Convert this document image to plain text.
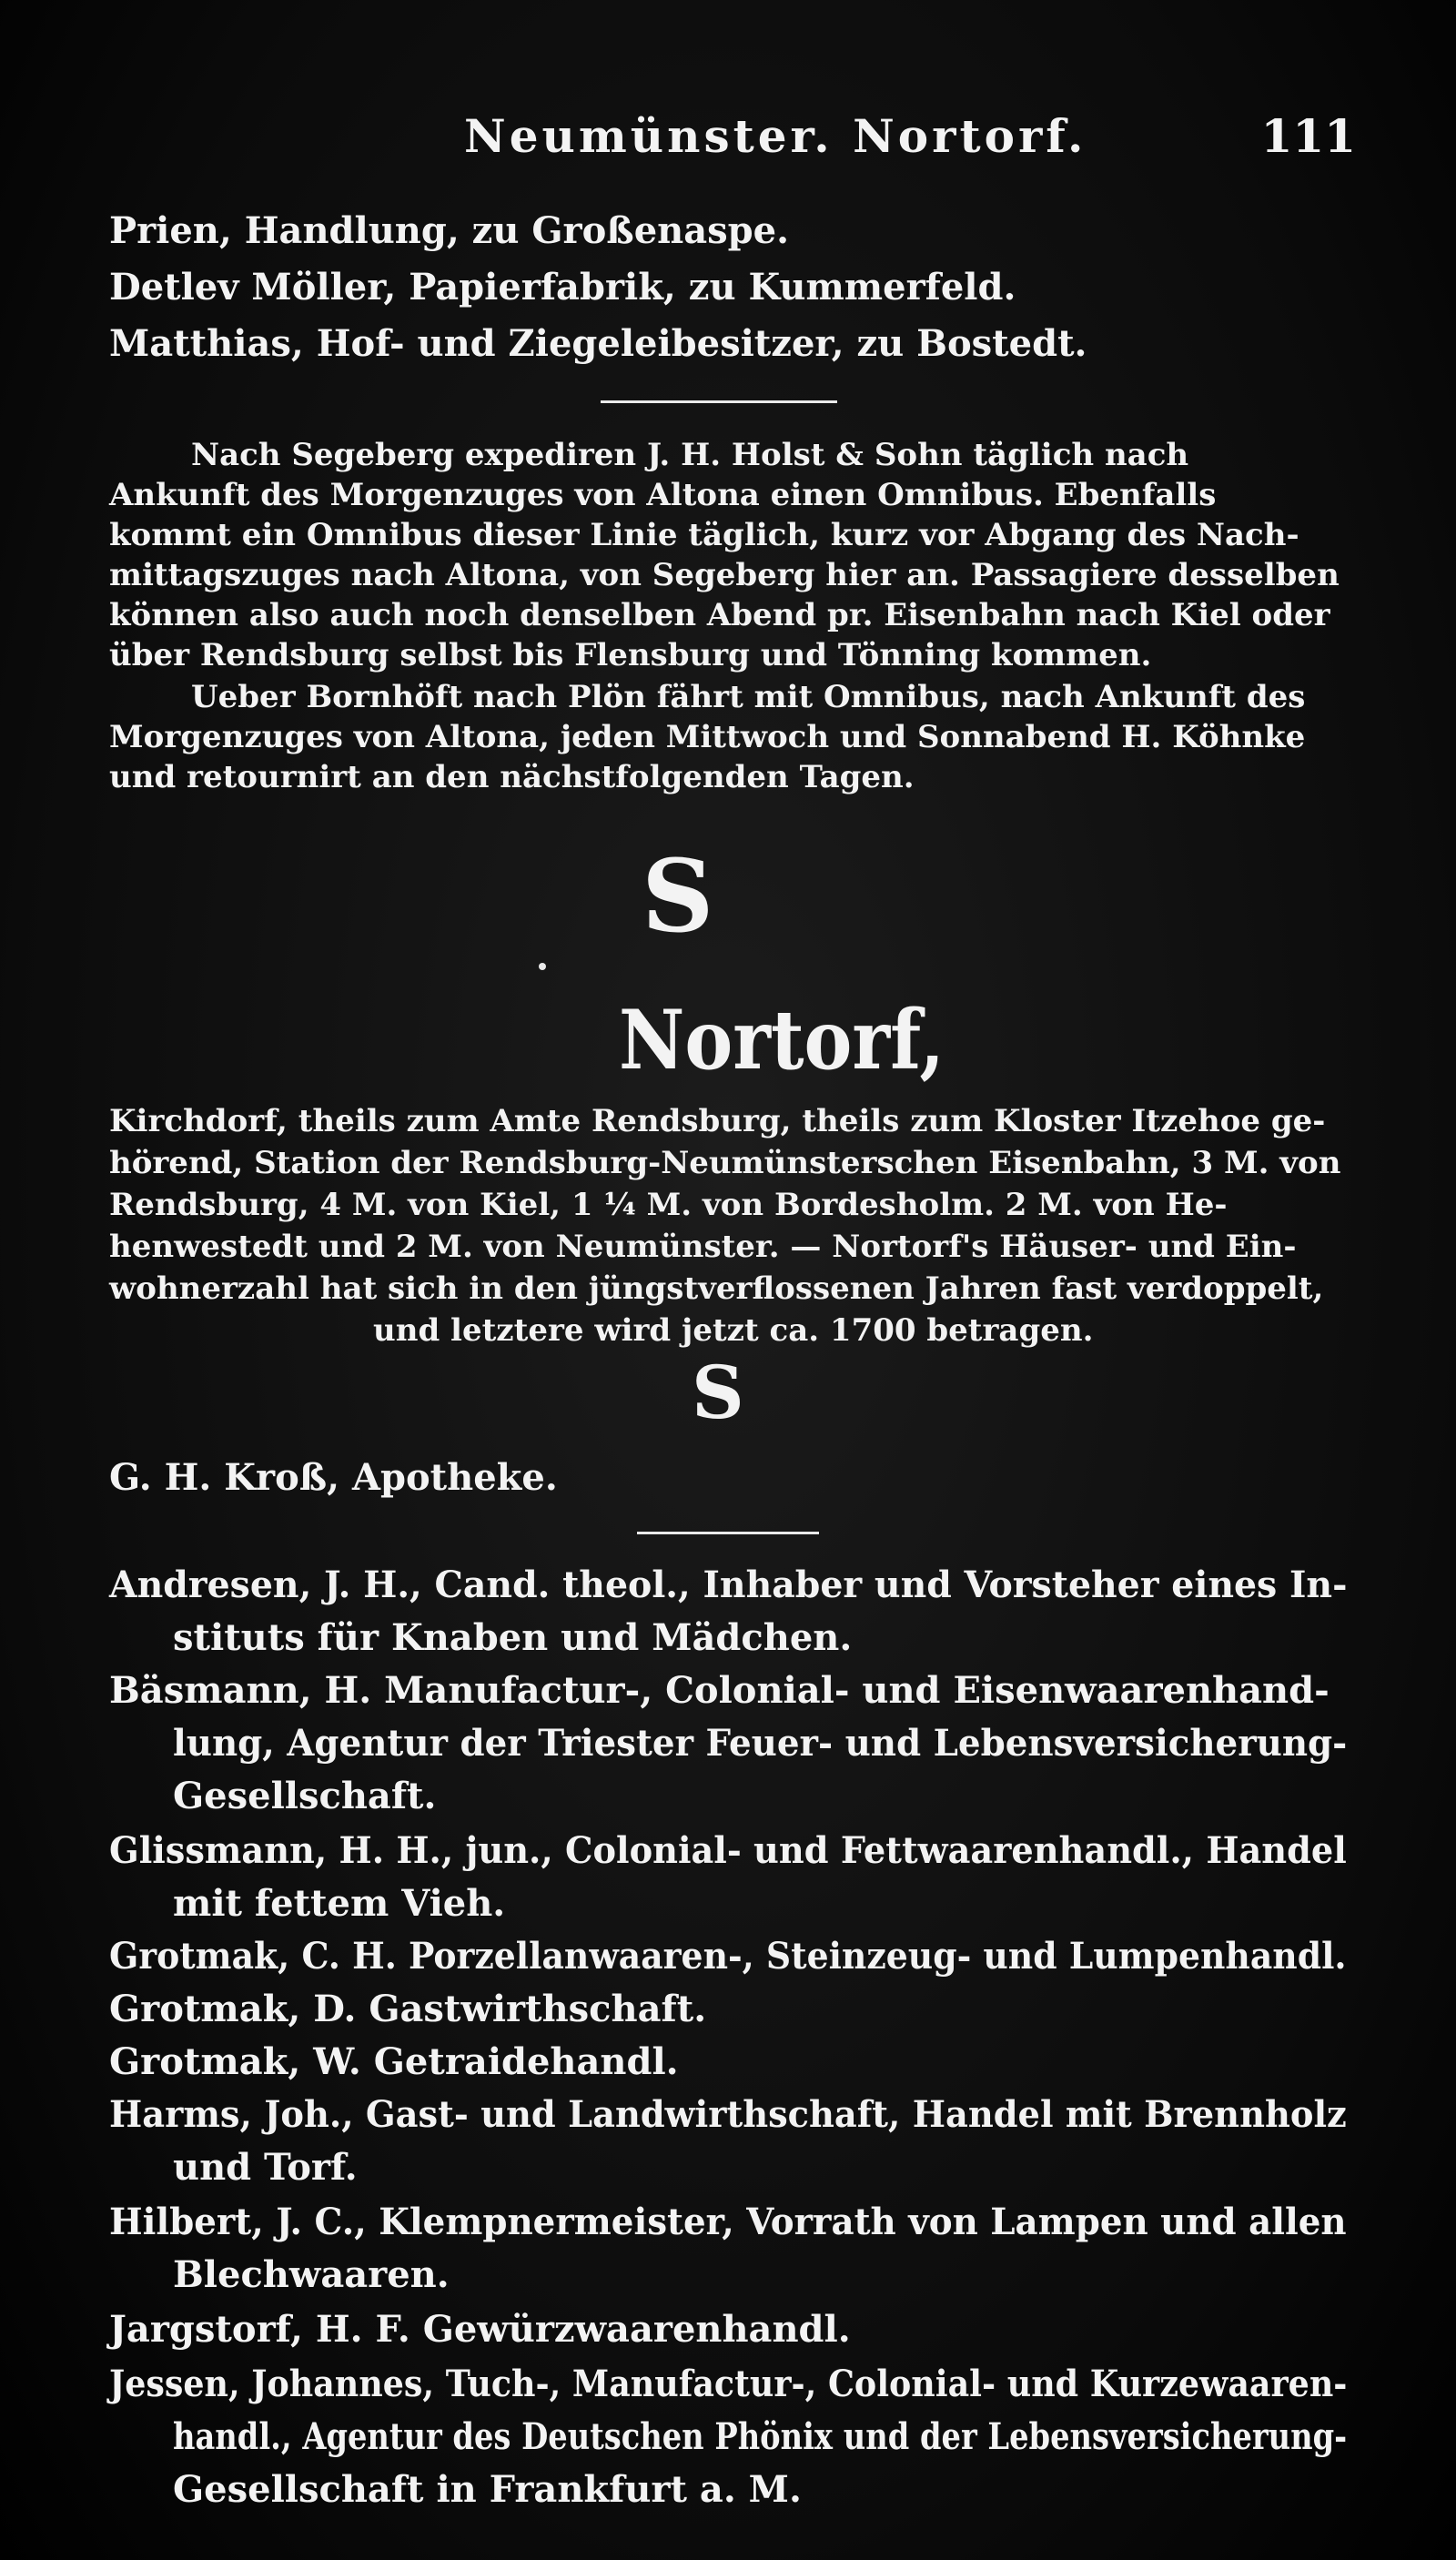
Neumünster. Nortorf.	111
Prien, Handlung, zu Großenaspe.
Detlev Möller, Papierfabrik, zu Kummerfeld.
Matthias, Hof- und Ziegeleibesitzer, zu Bostedt.
Nach Segeberg expediren J. H. Holst & Sohn täglich nach
Ankunft des Morgenzuges von Altona einen Omnibus. Ebenfalls
kommt ein Omnibus dieser Linie täglich, kurz vor Abgang des Nach-
mittagszuges nach Altona, von Segeberg hier an. Passagiere desselben
können also auch noch denselben Abend pr. Eisenbahn nach Kiel oder
über Rendsburg selbst bis Flensburg und Tönning kommen.
Ueber Bornhöft nach Plön fährt mit Omnibus, nach Ankunft des
Morgenzuges von Altona, jeden Mittwoch und Sonnabend H. Köhnke
und retournirt an den nächstfolgenden Tagen.
S
Nortorf,
Kirchdorf, theils zum Amte Rendsburg, theils zum Kloster Itzehoe ge-
hörend, Station der Rendsburg-Neumünsterschen Eisenbahn, 3 M. von
Rendsburg, 4 M. von Kiel, 1 ¼ M. von Bordesholm. 2 M. von He-
henwestedt und 2 M. von Neumünster. — Nortorf's Häuser- und Ein-
wohnerzahl hat sich in den jüngstverflossenen Jahren fast verdoppelt,
und letztere wird jetzt ca. 1700 betragen.
S
G. H. Kroß, Apotheke.
Andresen, J. H., Cand. theol., Inhaber und Vorsteher eines In-
stituts für Knaben und Mädchen.
Bäsmann, H. Manufactur-, Colonial- und Eisenwaarenhand-
lung, Agentur der Triester Feuer- und Lebensversicherung-
Gesellschaft.
Glissmann, H. H., jun., Colonial- und Fettwaarenhandl., Handel
mit fettem Vieh.
Grotmak, C. H. Porzellanwaaren-, Steinzeug- und Lumpenhandl.
Grotmak, D. Gastwirthschaft.
Grotmak, W. Getraidehandl.
Harms, Joh., Gast- und Landwirthschaft, Handel mit Brennholz
und Torf.
Hilbert, J. C., Klempnermeister, Vorrath von Lampen und allen
Blechwaaren.
Jargstorf, H. F. Gewürzwaarenhandl.
Jessen, Johannes, Tuch-, Manufactur-, Colonial- und Kurzewaaren-
handl., Agentur des Deutschen Phönix und der Lebensversicherung-
Gesellschaft in Frankfurt a. M.
